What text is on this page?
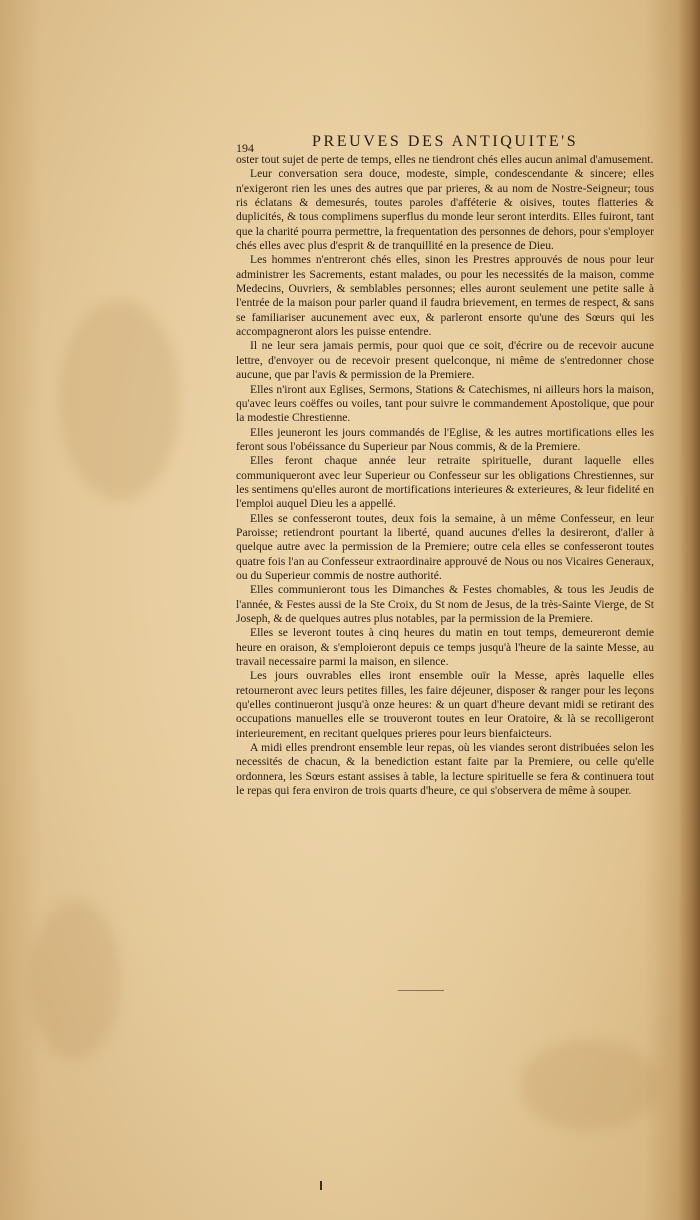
194	PREUVES DES ANTIQUITE'S

oster tout sujet de perte de temps, elles ne tiendront chés elles aucun animal d'amusement.

Leur conversation sera douce, modeste, simple, condescendante & sincere; elles n'exigeront rien les unes des autres que par prieres, & au nom de Nostre-Seigneur; tous ris éclatans & demesurés, toutes paroles d'afféterie & oisives, toutes flatteries & duplicités, & tous complimens superflus du monde leur seront interdits. Elles fuiront, tant que la charité pourra permettre, la frequentation des personnes de dehors, pour s'employer chés elles avec plus d'esprit & de tranquillité en la presence de Dieu.

Les hommes n'entreront chés elles, sinon les Prestres approuvés de nous pour leur administrer les Sacrements, estant malades, ou pour les necessités de la maison, comme Medecins, Ouvriers, & semblables personnes; elles auront seulement une petite salle à l'entrée de la maison pour parler quand il faudra brievement, en termes de respect, & sans se familiariser aucunement avec eux, & parleront ensorte qu'une des Sœurs qui les accompagneront alors les puisse entendre.

Il ne leur sera jamais permis, pour quoi que ce soit, d'écrire ou de recevoir aucune lettre, d'envoyer ou de recevoir present quelconque, ni même de s'entredonner chose aucune, que par l'avis & permission de la Premiere.

Elles n'iront aux Eglises, Sermons, Stations & Catechismes, ni ailleurs hors la maison, qu'avec leurs coëffes ou voiles, tant pour suivre le commandement Apostolique, que pour la modestie Chrestienne.

Elles jeuneront les jours commandés de l'Eglise, & les autres mortifications elles les feront sous l'obéissance du Superieur par Nous commis, & de la Premiere.

Elles feront chaque année leur retraite spirituelle, durant laquelle elles communiqueront avec leur Superieur ou Confesseur sur les obligations Chrestiennes, sur les sentimens qu'elles auront de mortifications interieures & exterieures, & leur fidelité en l'emploi auquel Dieu les a appellé.

Elles se confesseront toutes, deux fois la semaine, à un même Confesseur, en leur Paroisse; retiendront pourtant la liberté, quand aucunes d'elles la desireront, d'aller à quelque autre avec la permission de la Premiere; outre cela elles se confesseront toutes quatre fois l'an au Confesseur extraordinaire approuvé de Nous ou nos Vicaires Generaux, ou du Superieur commis de nostre authorité.

Elles communieront tous les Dimanches & Festes chomables, & tous les Jeudis de l'année, & Festes aussi de la Ste Croix, du St nom de Jesus, de la très-Sainte Vierge, de St Joseph, & de quelques autres plus notables, par la permission de la Premiere.

Elles se leveront toutes à cinq heures du matin en tout temps, demeureront demie heure en oraison, & s'emploieront depuis ce temps jusqu'à l'heure de la sainte Messe, au travail necessaire parmi la maison, en silence.

Les jours ouvrables elles iront ensemble ouïr la Messe, après laquelle elles retourneront avec leurs petites filles, les faire déjeuner, disposer & ranger pour les leçons qu'elles continueront jusqu'à onze heures: & un quart d'heure devant midi se retirant des occupations manuelles elle se trouveront toutes en leur Oratoire, & là se recolligeront interieurement, en recitant quelques prieres pour leurs bienfaicteurs.

A midi elles prendront ensemble leur repas, où les viandes seront distribuées selon les necessités de chacun, & la benediction estant faite par la Premiere, ou celle qu'elle ordonnera, les Sœurs estant assises à table, la lecture spirituelle se fera & continuera tout le repas qui fera environ de trois quarts d'heure, ce qui s'observera de même à souper.
